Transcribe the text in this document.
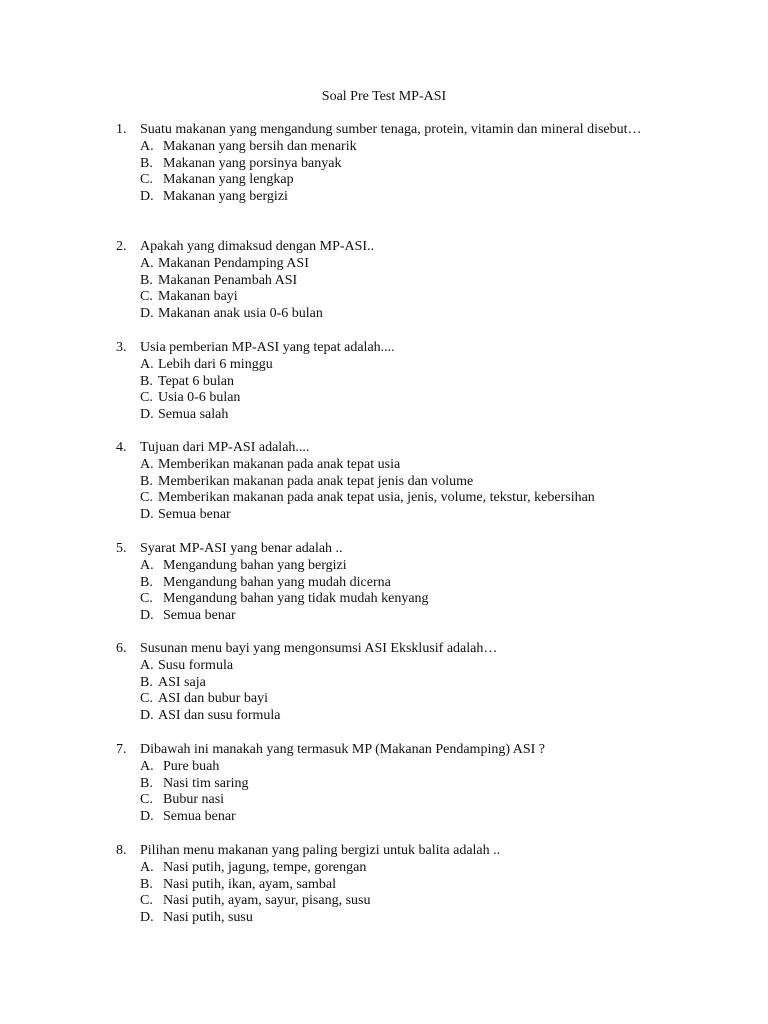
Soal Pre Test MP-ASI
1. Suatu makanan yang mengandung sumber tenaga, protein, vitamin dan mineral disebut…
A. Makanan yang bersih dan menarik
B. Makanan yang porsinya banyak
C. Makanan yang lengkap
D. Makanan yang bergizi
2. Apakah yang dimaksud dengan MP-ASI..
A. Makanan Pendamping ASI
B. Makanan Penambah ASI
C. Makanan bayi
D. Makanan anak usia 0-6 bulan
3. Usia pemberian MP-ASI yang tepat adalah....
A. Lebih dari 6 minggu
B. Tepat 6 bulan
C. Usia 0-6 bulan
D. Semua salah
4. Tujuan dari MP-ASI adalah....
A. Memberikan makanan pada anak tepat usia
B. Memberikan makanan pada anak tepat jenis dan volume
C. Memberikan makanan pada anak tepat usia, jenis, volume, tekstur, kebersihan
D. Semua benar
5. Syarat MP-ASI yang benar adalah ..
A. Mengandung bahan yang bergizi
B. Mengandung bahan yang mudah dicerna
C. Mengandung bahan yang tidak mudah kenyang
D. Semua benar
6. Susunan menu bayi yang mengonsumsi ASI Eksklusif adalah…
A. Susu formula
B. ASI saja
C. ASI dan bubur bayi
D. ASI dan susu formula
7. Dibawah ini manakah yang termasuk MP (Makanan Pendamping) ASI ?
A. Pure buah
B. Nasi tim saring
C. Bubur nasi
D. Semua benar
8. Pilihan menu makanan yang paling bergizi untuk balita adalah ..
A. Nasi putih, jagung, tempe, gorengan
B. Nasi putih, ikan, ayam, sambal
C. Nasi putih, ayam, sayur, pisang, susu
D. Nasi putih, susu
